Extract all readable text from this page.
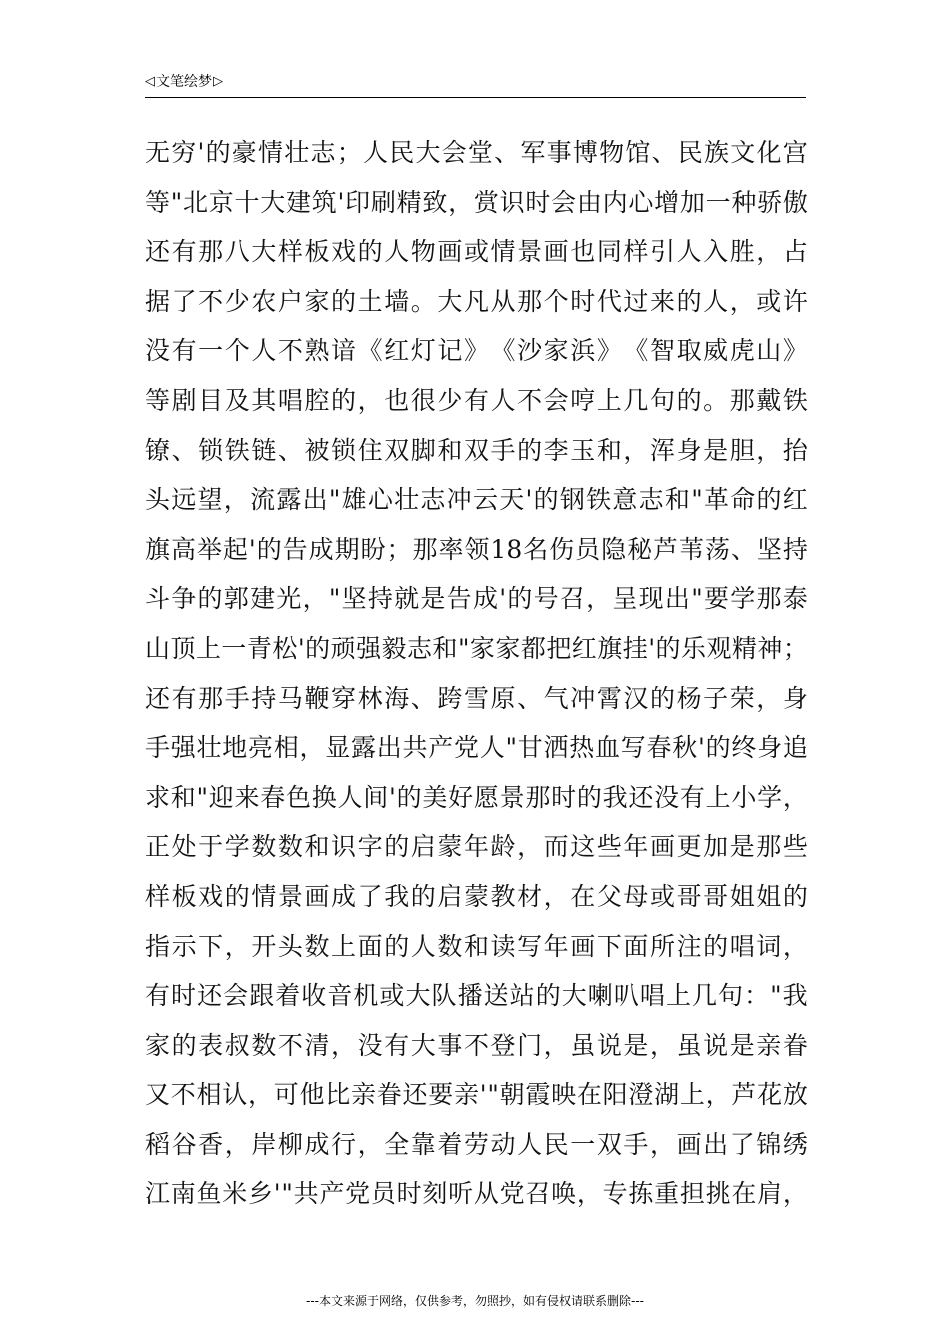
◁ 文笔绘梦 ▷
无 穷 ' 的 豪 情 壮 志 ； 人 民 大 会 堂 、 军 事 博 物 馆 、 民 族 文 化 宫
等 " 北 京 十 大 建 筑 ' 印 刷 精 致 ， 赏 识 时 会 由 内 心 增 加 一 种 骄 傲
还 有 那 八 大 样 板 戏 的 人 物 画 或 情 景 画 也 同 样 引 人 入 胜 ， 占
据 了 不 少 农 户 家 的 土 墙 。 大 凡 从 那 个 时 代 过 来 的 人 ， 或 许
没 有 一 个 人 不 熟 谙 《 红 灯 记 》 《 沙 家 浜 》 《 智 取 威 虎 山 》
等 剧 目 及 其 唱 腔 的 ， 也 很 少 有 人 不 会 哼 上 几 句 的 。 那 戴 铁
镣 、 锁 铁 链 、 被 锁 住 双 脚 和 双 手 的 李 玉 和 ， 浑 身 是 胆 ， 抬
头 远 望 ， 流 露 出 " 雄 心 壮 志 冲 云 天 ' 的 钢 铁 意 志 和 " 革 命 的 红
旗 高 举 起 ' 的 告 成 期 盼 ； 那 率 领 18 名 伤 员 隐 秘 芦 苇 荡 、 坚 持
斗 争 的 郭 建 光 ， " 坚 持 就 是 告 成 ' 的 号 召 ， 呈 现 出 " 要 学 那 泰
山 顶 上 一 青 松 ' 的 顽 强 毅 志 和 " 家 家 都 把 红 旗 挂 ' 的 乐 观 精 神 ；
还 有 那 手 持 马 鞭 穿 林 海 、 跨 雪 原 、 气 冲 霄 汉 的 杨 子 荣 ， 身
手 强 壮 地 亮 相 ， 显 露 出 共 产 党 人 " 甘 洒 热 血 写 春 秋 ' 的 终 身 追
求 和 " 迎 来 春 色 换 人 间 ' 的 美 好 愿 景 那 时 的 我 还 没 有 上 小 学 ，
正 处 于 学 数 数 和 识 字 的 启 蒙 年 龄 ， 而 这 些 年 画 更 加 是 那 些
样 板 戏 的 情 景 画 成 了 我 的 启 蒙 教 材 ， 在 父 母 或 哥 哥 姐 姐 的
指 示 下 ， 开 头 数 上 面 的 人 数 和 读 写 年 画 下 面 所 注 的 唱 词 ，
有 时 还 会 跟 着 收 音 机 或 大 队 播 送 站 的 大 喇 叭 唱 上 几 句 ： " 我
家 的 表 叔 数 不 清 ， 没 有 大 事 不 登 门 ， 虽 说 是 ， 虽 说 是 亲 眷
又 不 相 认 ， 可 他 比 亲 眷 还 要 亲 ' " 朝 霞 映 在 阳 澄 湖 上 ， 芦 花 放
稻 谷 香 ， 岸 柳 成 行 ， 全 靠 着 劳 动 人 民 一 双 手 ， 画 出 了 锦 绣
江 南 鱼 米 乡 ' " 共 产 党 员 时 刻 听 从 党 召 唤 ， 专 拣 重 担 挑 在 肩 ，
---本文来源于网络，仅供参考，勿照抄，如有侵权请联系删除---
